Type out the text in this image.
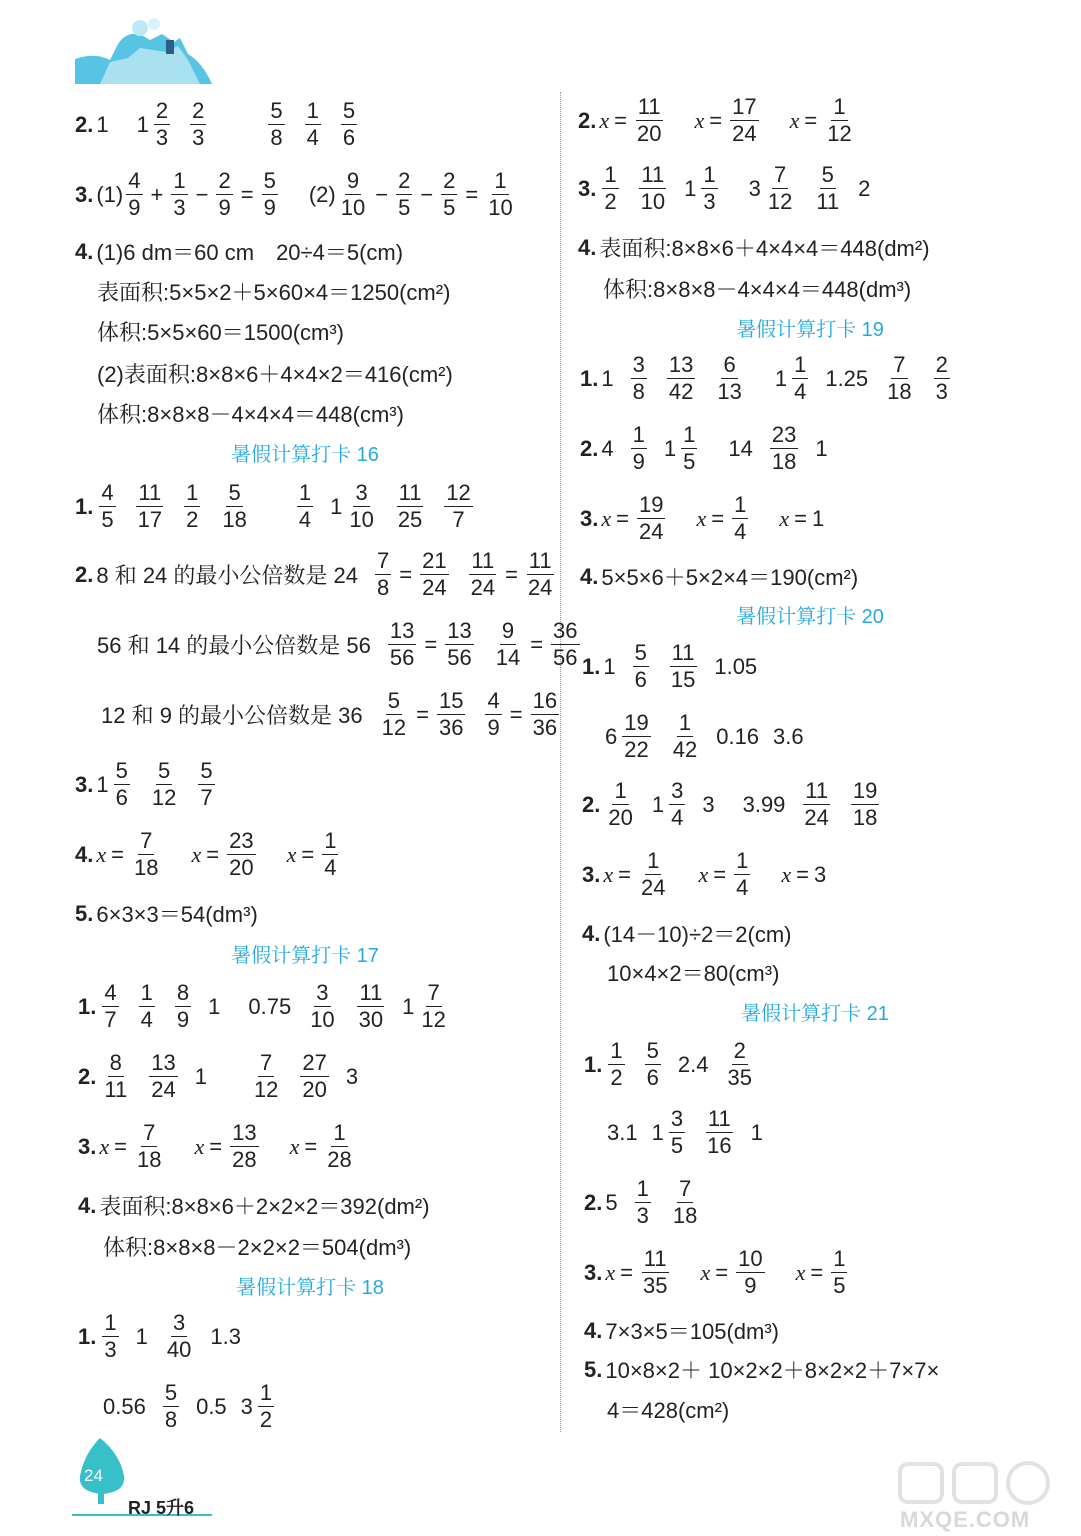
2. 1 $1 \frac{2}{3} \frac{2}{3}$	$\frac{5}{8} \frac{1}{4} \frac{5}{6}$
3. $(1) \frac{4}{9} + \frac{1}{3} - \frac{2}{9} = \frac{5}{9} (2) \frac{9}{10} - \frac{2}{5} - \frac{2}{5} = \frac{1}{10}$
4. (1)6 dm＝60 cm　20÷4＝5(cm)
表面积: 5×5×2＋5×60×4＝1250(cm²)
体积: 5×5×60＝1500(cm³)
(2)表面积: 8×8×6＋4×4×2＝416(cm²)
体积: 8×8×8－4×4×4＝448(cm³)
暑假计算打卡 16
1. $\frac{4}{5} \frac{11}{17} \frac{1}{2} \frac{5}{18} \frac{1}{4} 1 \frac{3}{10} \frac{11}{25} \frac{12}{7}$
2. 8 和 24 的最小公倍数是 $24 \frac{7}{8} = \frac{21}{24} \frac{11}{24} = \frac{11}{24}$
56 和 14 的最小公倍数是 $56 \frac{13}{56} = \frac{13}{56} \frac{9}{14} = \frac{36}{56}$
12 和 9 的最小公倍数是 $36 \frac{5}{12} = \frac{15}{36} \frac{4}{9} = \frac{16}{36}$
3. $1 \frac{5}{6} \frac{5}{12} \frac{5}{7}$
4. $x = \frac{7}{18}$ $x = \frac{23}{20}$ $x = \frac{1}{4}$
5. 6×3×3＝54(dm³)
暑假计算打卡 17
1. $\frac{4}{7} \frac{1}{4} \frac{8}{9} 1$ $0.75 \frac{3}{10} \frac{11}{30} 1 \frac{7}{12}$
2. $\frac{8}{11} \frac{13}{24} 1 \frac{7}{12} \frac{27}{20} 3$
3. $x = \frac{7}{18}$ $x = \frac{13}{28}$ $x = \frac{1}{28}$
4. 表面积: 8×8×6＋2×2×2＝392(dm²)
体积: 8×8×8－2×2×2＝504(dm³)
暑假计算打卡 18
1. $\frac{1}{3} 1 \frac{3}{40} 1.3$
$0.56 \frac{5}{8} 0.5$ $3 \frac{1}{2}$
2. $x = \frac{11}{20}$ $x = \frac{17}{24}$ $x = \frac{1}{12}$
3. $\frac{1}{2} \frac{11}{10} 1 \frac{1}{3} 3 \frac{7}{12} \frac{5}{11} 2$
4. 表面积: 8×8×6＋4×4×4＝448(dm²)
体积: 8×8×8－4×4×4＝448(dm³)
暑假计算打卡 19
1. $1 \frac{3}{8} \frac{13}{42} \frac{6}{13} 1 \frac{1}{4} 1.25 \frac{7}{18} \frac{2}{3}$
2. $4 \frac{1}{9} 1 \frac{1}{5} 14 \frac{23}{18} 1$
3. $x = \frac{19}{24}$ $x = \frac{1}{4}$ x = 1
4. 5×5×6＋5×2×4＝190(cm²)
暑假计算打卡 20
1. $1 \frac{5}{6} \frac{11}{15} 1.05$
$6 \frac{19}{22} \frac{1}{42} 0.16$ 3.6
2. $\frac{1}{20} 1 \frac{3}{4} 3$ $3.99 \frac{11}{24} \frac{19}{18}$
3. $x = \frac{1}{24}$ $x = \frac{1}{4}$ x = 3
4. (14－10)÷2＝2(cm)
10×4×2＝80(cm³)
暑假计算打卡 21
1. $\frac{1}{2} \frac{5}{6} 2.4 \frac{2}{35}$
3.1 $1 \frac{3}{5} \frac{11}{16} 1$
2. $5 \frac{1}{3} \frac{7}{18}$
3. $x = \frac{11}{35}$ $x = \frac{10}{9}$ $x = \frac{1}{5}$
4. 7×3×5＝105(dm³)
5. 10×8×2＋ 10×2×2＋8×2×2＋7×7×
4＝428(cm²)
24
RJ 5升6	MXQE.COM
